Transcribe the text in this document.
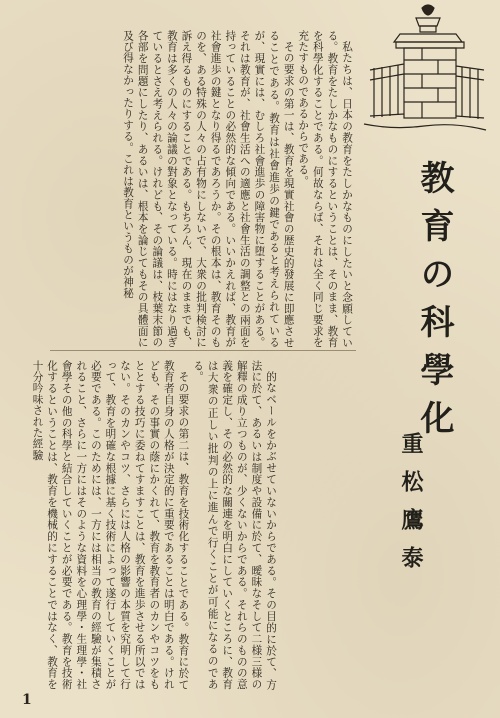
私たちは、日本の教育をたしかなものにしたいと念願している。教育をたしかなものにするということは、そのまま、教育を科學化することである。何故ならば、それは全く同じ要求を充たすものであるからである。

その要求の第一は、教育を現實社會の歴史的發展に即應させることである。教育は社會進歩の鍵であると考えられているが、現實には、むしろ社會進歩の障害物に堕することがある。それは教育が、社會生活への適應と社會生活の調整との兩面を持っていることの必然的な傾向である。いいかえれば、教育が社會進歩の鍵となり得るであろうか。その根本は、教育そのものを、ある特殊の人々の占有物にしないで、大衆の批判検討に訴え得るものにすることである。もちろん、現在のままでも、教育は多くの人々の論議の對象となっている。時にはなり過ぎているとさえ考えられる。けれども、その論議は、枝葉末節の各部を問題にしたり、あるいは、根本を論じてもその具體面に及び得なかったりする。これは教育というものが神秘	教育の科學化
重松鷹泰

的なベールをかぶせていないからである。その目的に於て、方法に於て、あるいは制度や設備に於て、曖昧なそして二様三様の解釋の成り立つものが、少くないからである。それらのものの意義を確定し、その必然的な關連を明白にしていくところに、教育は大衆の正しい批判の上に進んで行くことが可能になるのである。

その要求の第二は、教育を技術化することである。教育に於て教育者自身の人格が決定的に重要であることは明白である。けれども、その事實の蔭にかくれて、教育を教育者のカンやコツをもととする技巧に委ねてすますことは、教育を進歩させる所以ではない。そのカンやコツ、さらには人格の影響の本質を究明して行って、教育を明確な根據に基く技術によって遂行していくことが必要である。このためには、一方には相当の教育の經驗が集積されること、さらに一方にはそのような資料を心理學・生理學・社會學その他の科學と結合していくことが必要である。教育を技術化するということは、教育を機械的にすることではなく、教育を十分吟味された經驗

1
